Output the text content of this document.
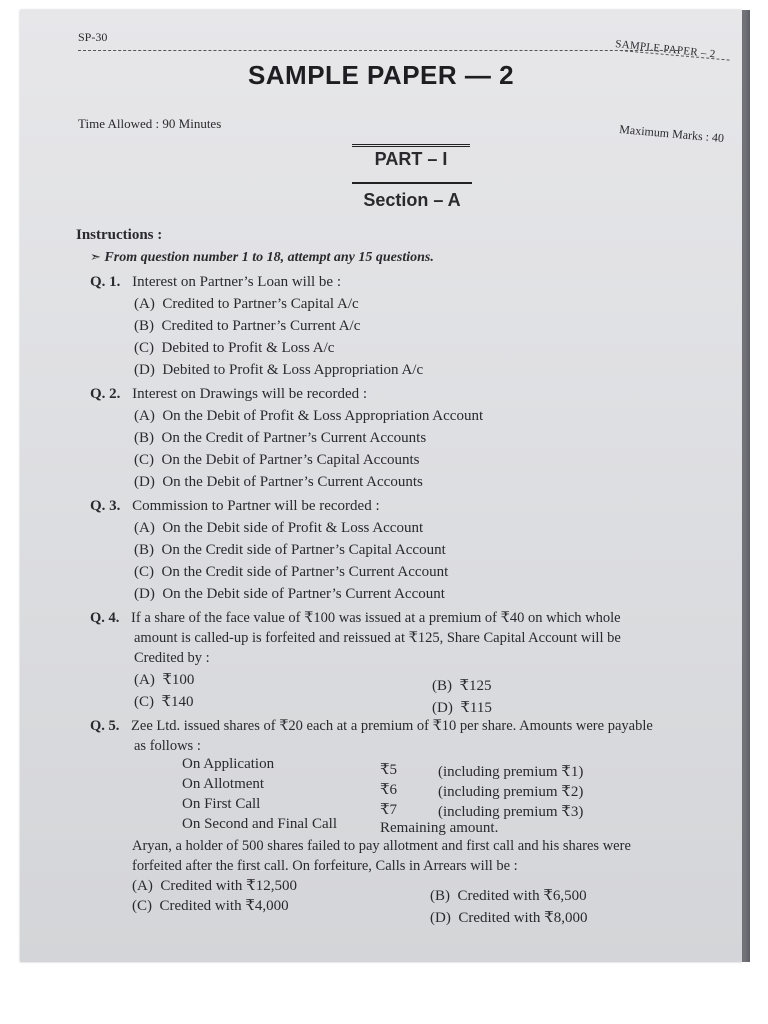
SP-30
SAMPLE PAPER – 2
SAMPLE PAPER — 2
Time Allowed : 90 Minutes	Maximum Marks : 40
PART – I
Section – A
Instructions :
➣ From question number 1 to 18, attempt any 15 questions.
Q. 1. Interest on Partner’s Loan will be :
(A) Credited to Partner’s Capital A/c
(B) Credited to Partner’s Current A/c
(C) Debited to Profit & Loss A/c
(D) Debited to Profit & Loss Appropriation A/c
Q. 2. Interest on Drawings will be recorded :
(A) On the Debit of Profit & Loss Appropriation Account
(B) On the Credit of Partner’s Current Accounts
(C) On the Debit of Partner’s Capital Accounts
(D) On the Debit of Partner’s Current Accounts
Q. 3. Commission to Partner will be recorded :
(A) On the Debit side of Profit & Loss Account
(B) On the Credit side of Partner’s Capital Account
(C) On the Credit side of Partner’s Current Account
(D) On the Debit side of Partner’s Current Account
Q. 4. If a share of the face value of ₹100 was issued at a premium of ₹40 on which whole
amount is called-up is forfeited and reissued at ₹125, Share Capital Account will be
Credited by :
(A) ₹100	(B) ₹125
(C) ₹140	(D) ₹115
Q. 5. Zee Ltd. issued shares of ₹20 each at a premium of ₹10 per share. Amounts were payable
as follows :
On Application	₹5	(including premium ₹1)
On Allotment	₹6	(including premium ₹2)
On First Call	₹7	(including premium ₹3)
On Second and Final Call	Remaining amount.
Aryan, a holder of 500 shares failed to pay allotment and first call and his shares were
forfeited after the first call. On forfeiture, Calls in Arrears will be :
(A) Credited with ₹12,500
(B) Credited with ₹6,500
(C) Credited with ₹4,000
(D) Credited with ₹8,000
